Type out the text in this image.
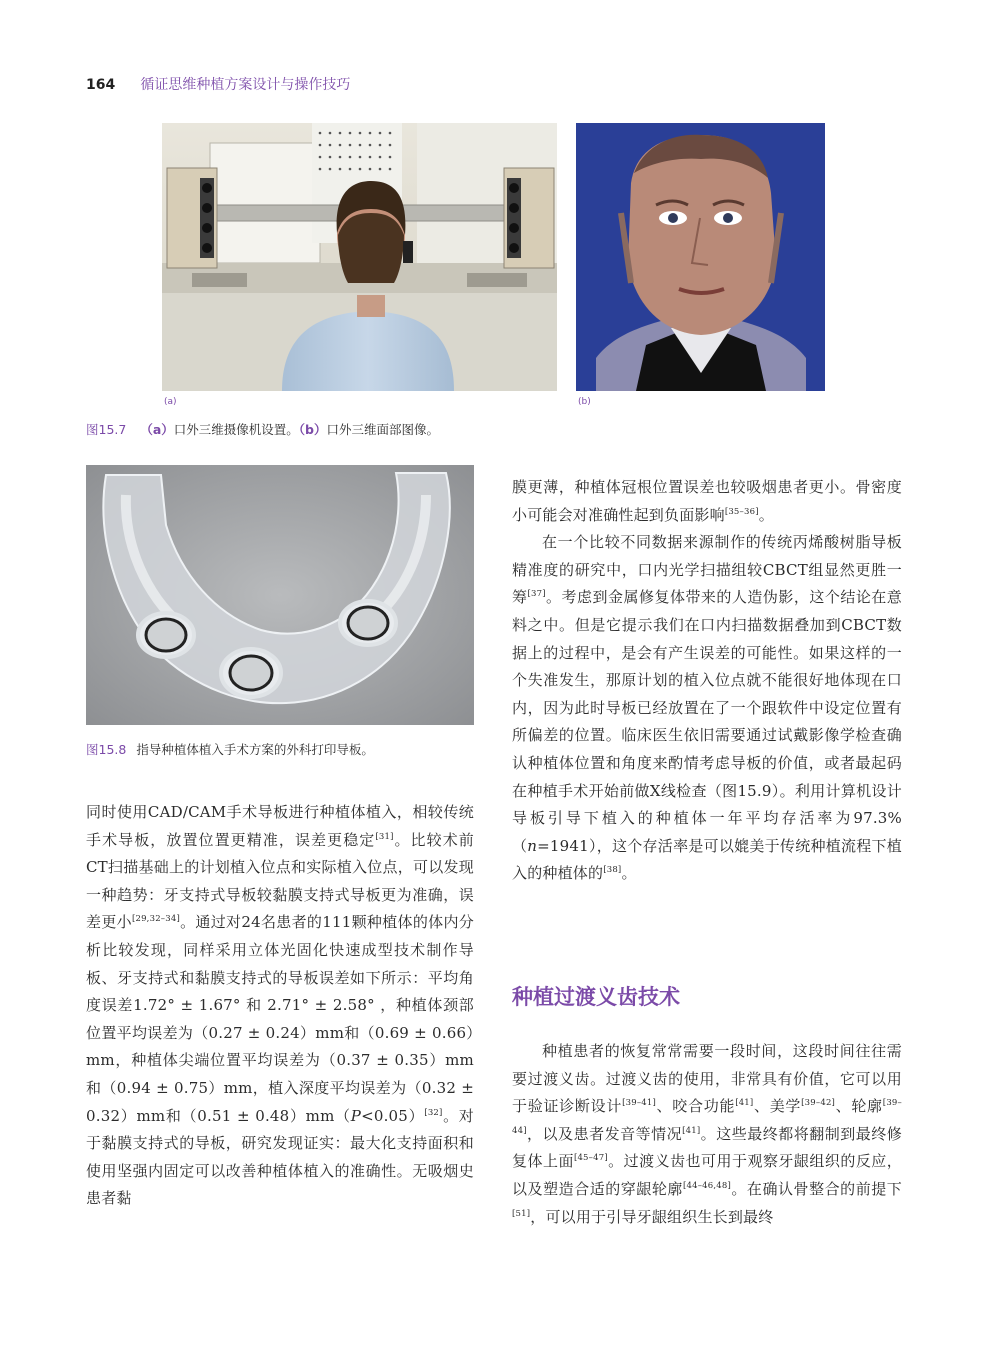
164 循证思维种植方案设计与操作技巧
(a)	(b)
图15.7 （a）口外三维摄像机设置。（b）口外三维面部图像。
图15.8 指导种植体植入手术方案的外科打印导板。

同时使用CAD/CAM手术导板进行种植体植入，相较传统手术导板，放置位置更精准，误差更稳定[31]。比较术前CT扫描基础上的计划植入位点和实际植入位点，可以发现一种趋势：牙支持式导板较黏膜支持式导板更为准确，误差更小[29,32–34]。通过对24名患者的111颗种植体的体内分析比较发现，同样采用立体光固化快速成型技术制作导板、牙支持式和黏膜支持式的导板误差如下所示：平均角度误差1.72° ± 1.67° 和 2.71° ± 2.58° ，种植体颈部位置平均误差为（0.27 ± 0.24）mm和（0.69 ± 0.66）mm，种植体尖端位置平均误差为（0.37 ± 0.35）mm和（0.94 ± 0.75）mm，植入深度平均误差为（0.32 ± 0.32）mm和（0.51 ± 0.48）mm（P<0.05）[32]。对于黏膜支持式的导板，研究发现证实：最大化支持面积和使用坚强内固定可以改善种植体植入的准确性。无吸烟史患者黏

膜更薄，种植体冠根位置误差也较吸烟患者更小。骨密度小可能会对准确性起到负面影响[35–36]。

在一个比较不同数据来源制作的传统丙烯酸树脂导板精准度的研究中，口内光学扫描组较CBCT组显然更胜一筹[37]。考虑到金属修复体带来的人造伪影，这个结论在意料之中。但是它提示我们在口内扫描数据叠加到CBCT数据上的过程中，是会有产生误差的可能性。如果这样的一个失准发生，那原计划的植入位点就不能很好地体现在口内，因为此时导板已经放置在了一个跟软件中设定位置有所偏差的位置。临床医生依旧需要通过试戴影像学检查确认种植体位置和角度来酌情考虑导板的价值，或者最起码在种植手术开始前做X线检查（图15.9）。利用计算机设计导板引导下植入的种植体一年平均存活率为97.3%（n=1941），这个存活率是可以媲美于传统种植流程下植入的种植体的[38]。

种植过渡义齿技术

种植患者的恢复常常需要一段时间，这段时间往往需要过渡义齿。过渡义齿的使用，非常具有价值，它可以用于验证诊断设计[39–41]、咬合功能[41]、美学[39–42]、轮廓[39–44]，以及患者发音等情况[41]。这些最终都将翻制到最终修复体上面[45–47]。过渡义齿也可用于观察牙龈组织的反应，以及塑造合适的穿龈轮廓[44–46,48]。在确认骨整合的前提下[51]，可以用于引导牙龈组织生长到最终
